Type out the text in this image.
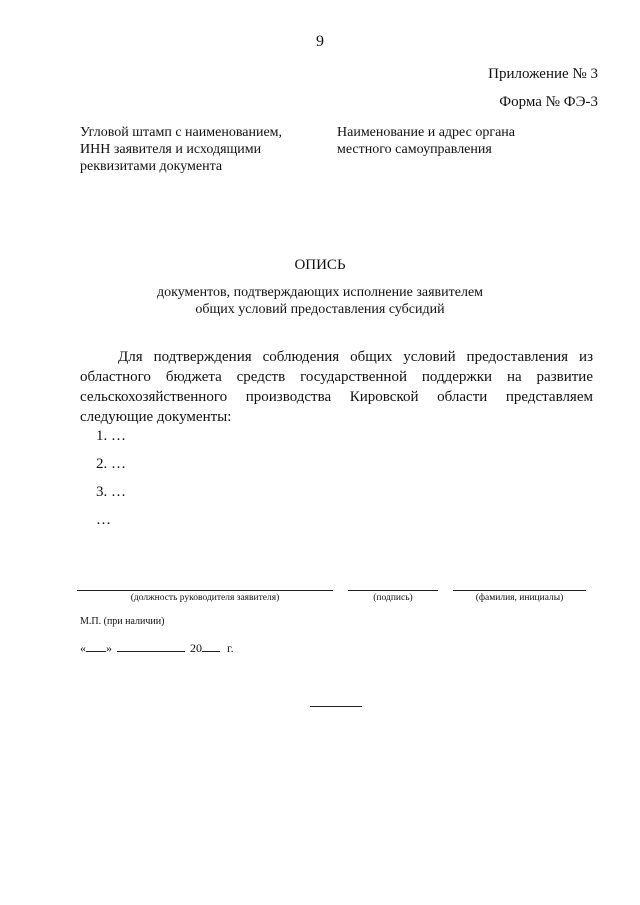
9
Приложение № 3
Форма № ФЭ-3
Угловой штамп с наименованием,
ИНН заявителя и исходящими
реквизитами документа
Наименование и адрес органа
местного самоуправления
ОПИСЬ
документов, подтверждающих исполнение заявителем
общих условий предоставления субсидий
Для подтверждения соблюдения общих условий предоставления из областного бюджета средств государственной поддержки на развитие сельскохозяйственного производства Кировской области представляем следующие документы:
1. …
2. …
3. …
…
(должность руководителя заявителя)	(подпись)	(фамилия, инициалы)
М.П. (при наличии)
« »	20 г.
